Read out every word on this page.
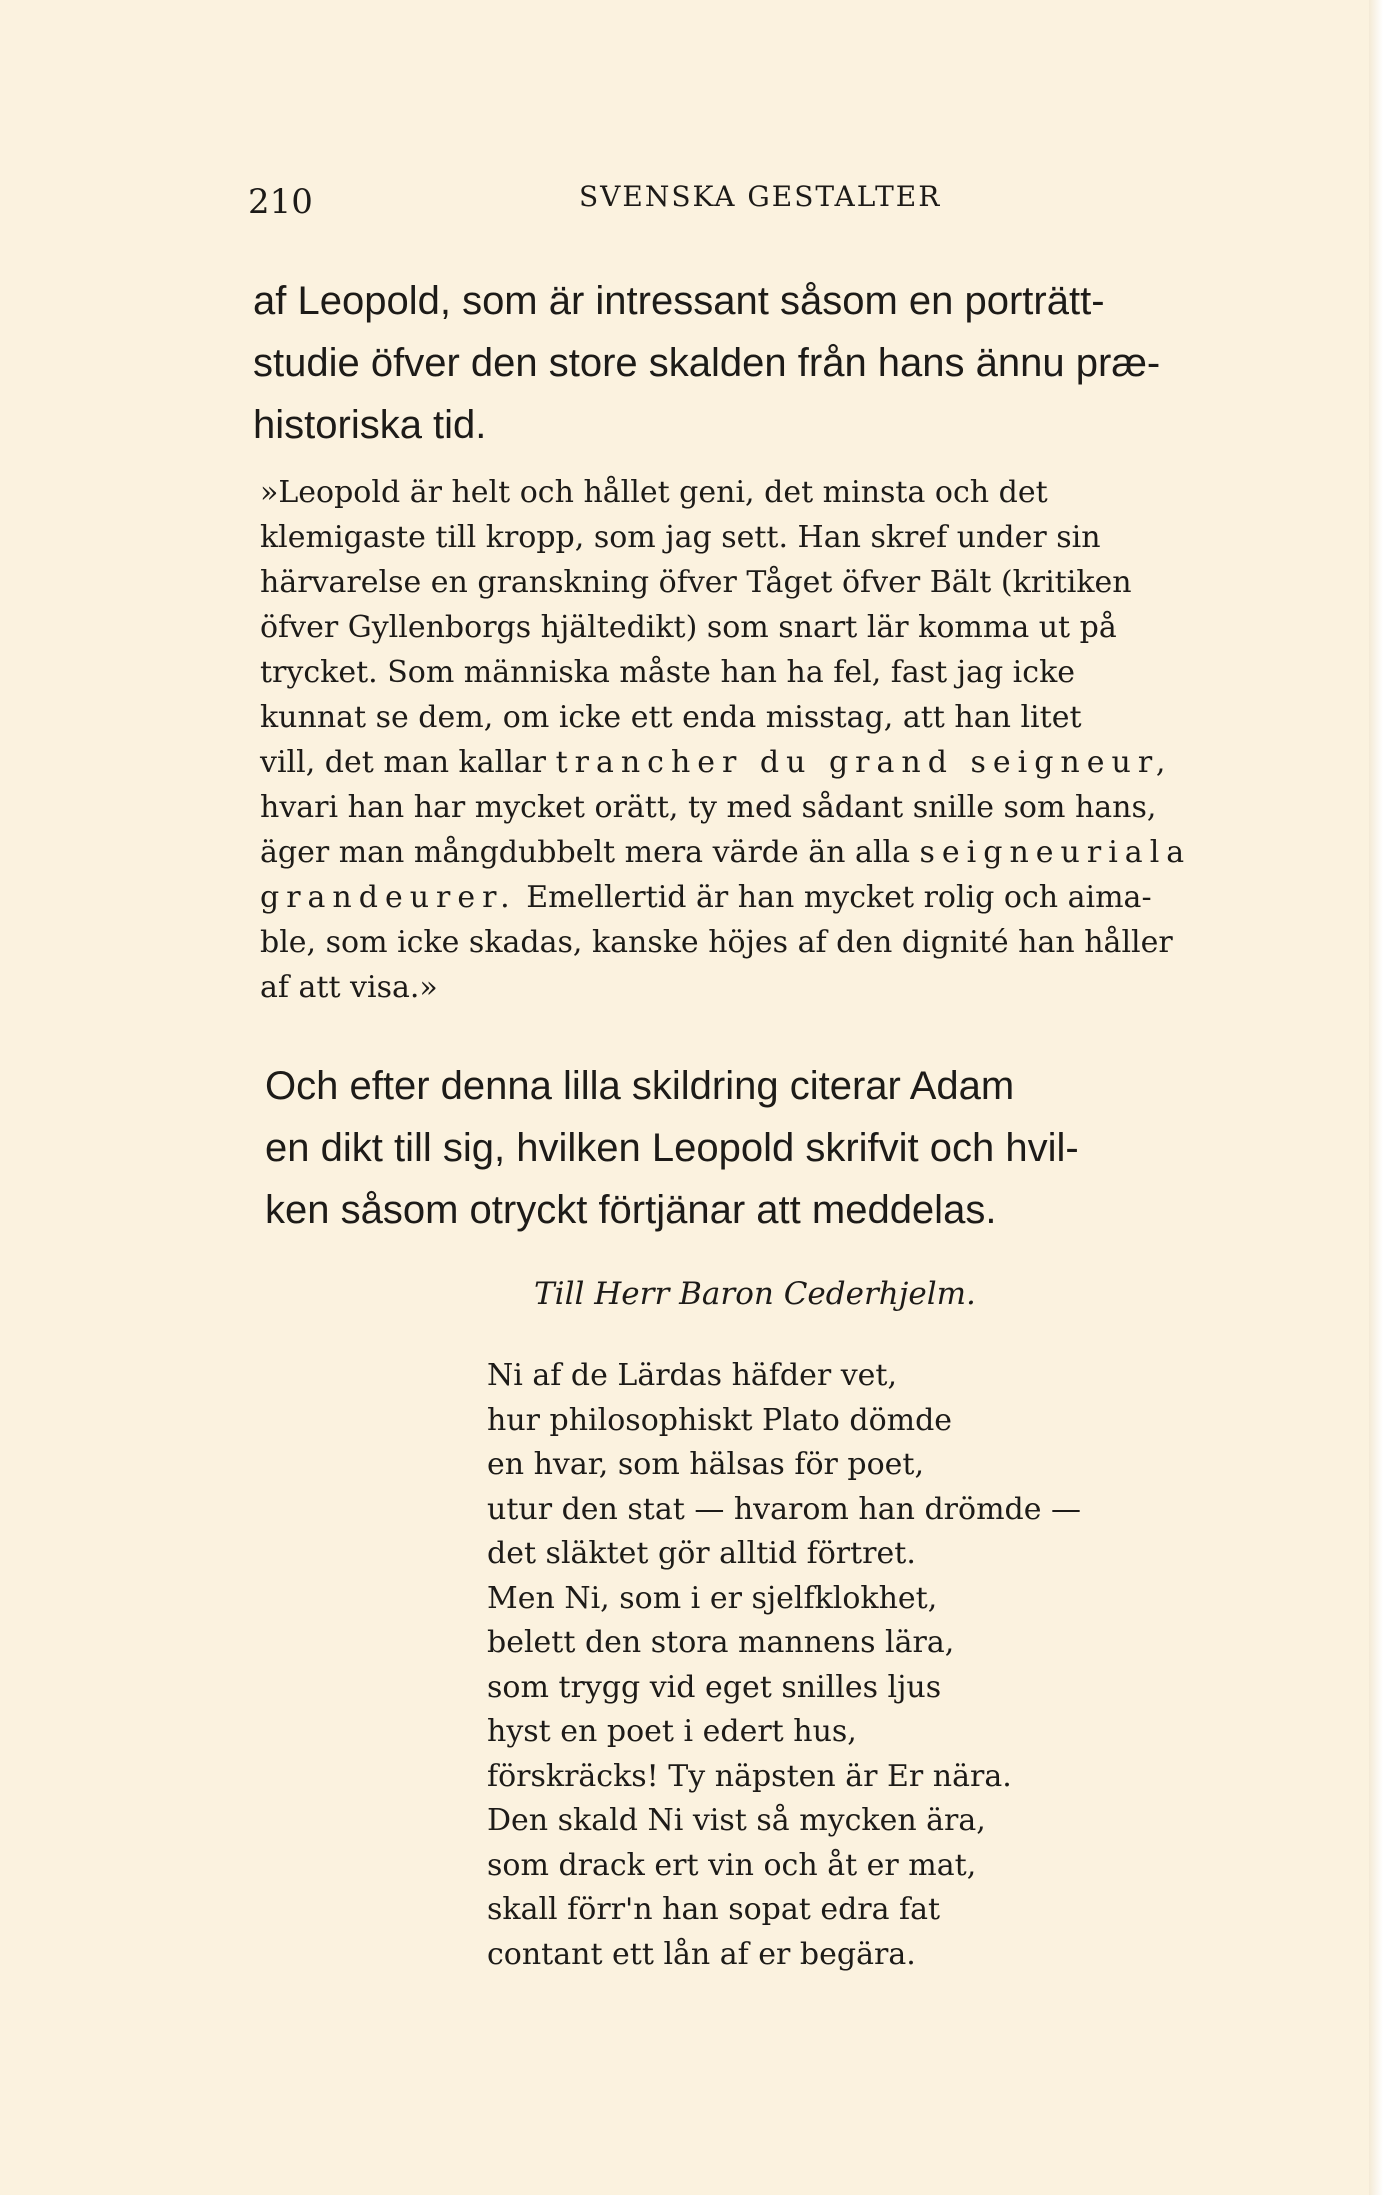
210	SVENSKA GESTALTER
af Leopold, som är intressant såsom en porträtt-
studie öfver den store skalden från hans ännu præ-
historiska tid.
»Leopold är helt och hållet geni, det minsta och det
klemigaste till kropp, som jag sett. Han skref under sin
härvarelse en granskning öfver Tåget öfver Bält (kritiken
öfver Gyllenborgs hjältedikt) som snart lär komma ut på
trycket. Som människa måste han ha fel, fast jag icke
kunnat se dem, om icke ett enda misstag, att han litet
vill, det man kallar trancher du grand seigneur,
hvari han har mycket orätt, ty med sådant snille som hans,
äger man mångdubbelt mera värde än alla seigneuriala
grandeurer. Emellertid är han mycket rolig och aima-
ble, som icke skadas, kanske höjes af den dignité han håller
af att visa.»
Och efter denna lilla skildring citerar Adam
en dikt till sig, hvilken Leopold skrifvit och hvil-
ken såsom otryckt förtjänar att meddelas.
Till Herr Baron Cederhjelm.
Ni af de Lärdas häfder vet,
hur philosophiskt Plato dömde
en hvar, som hälsas för poet,
utur den stat — hvarom han drömde —
det släktet gör alltid förtret.
Men Ni, som i er sjelfklokhet,
belett den stora mannens lära,
som trygg vid eget snilles ljus
hyst en poet i edert hus,
förskräcks! Ty näpsten är Er nära.
Den skald Ni vist så mycken ära,
som drack ert vin och åt er mat,
skall förr'n han sopat edra fat
contant ett lån af er begära.
